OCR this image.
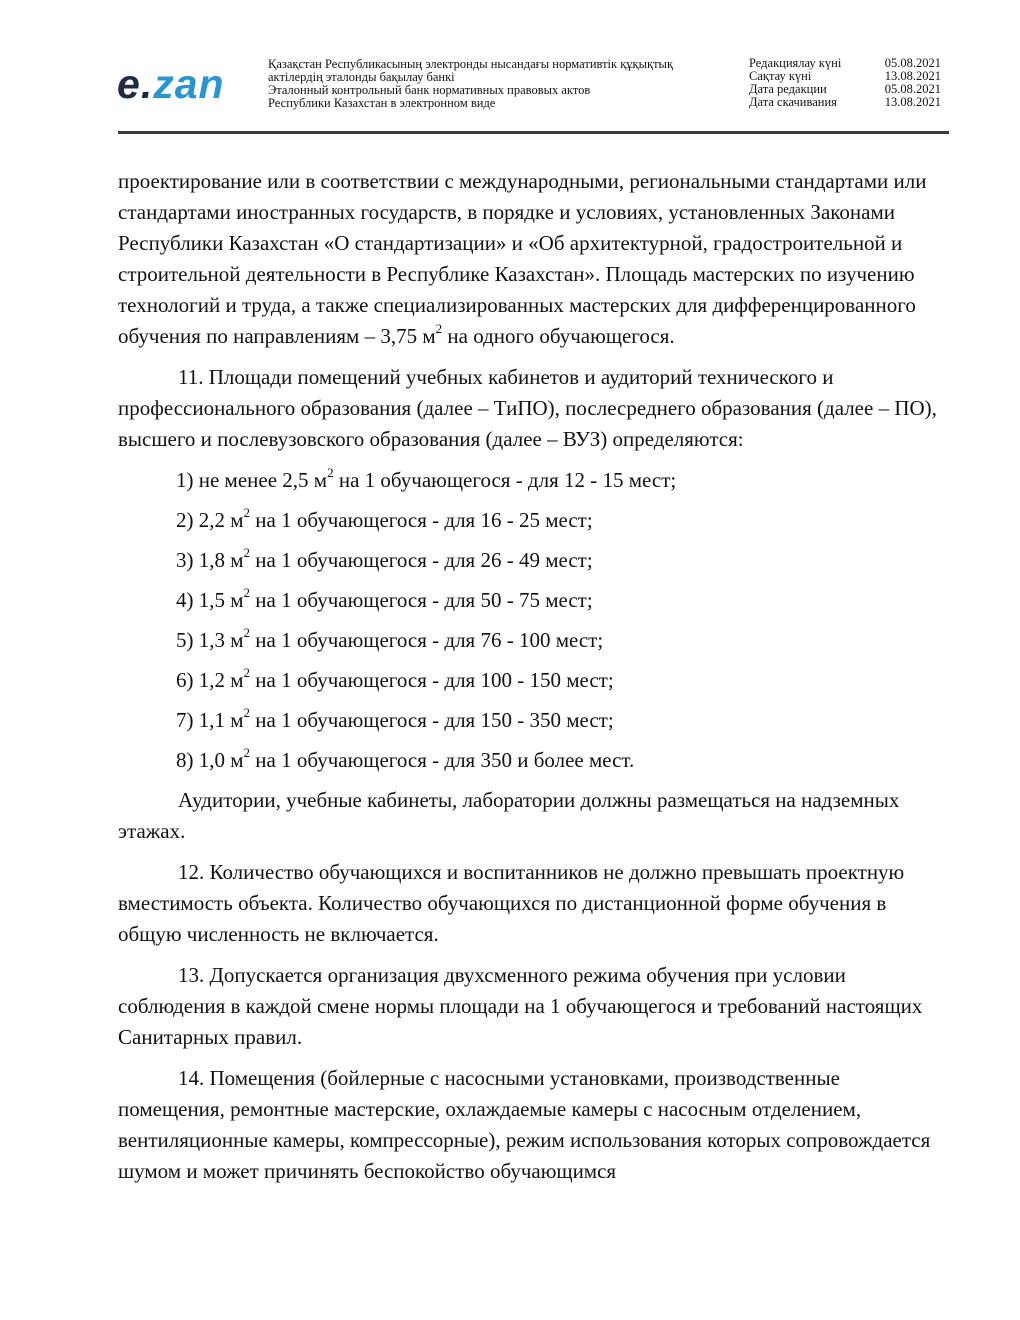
e.zan	Қазақстан Республикасының электронды нысандағы нормативтік құқықтық
актілердің эталонды бақылау банкі
Эталонный контрольный банк нормативных правовых актов
Республики Казахстан в электронном виде
Редакциялау күні	05.08.2021
Сақтау күні	13.08.2021
Дата редакции	05.08.2021
Дата скачивания	13.08.2021

проектирование или в соответствии с международными, региональными стандартами или стандартами иностранных государств, в порядке и условиях, установленных Законами Республики Казахстан «О стандартизации» и «Об архитектурной, градостроительной и строительной деятельности в Республике Казахстан». Площадь мастерских по изучению технологий и труда, а также специализированных мастерских для дифференцированного обучения по направлениям – 3,75 $м^2$ на одного обучающегося.

11. Площади помещений учебных кабинетов и аудиторий технического и профессионального образования (далее – ТиПО), послесреднего образования (далее – ПО), высшего и послевузовского образования (далее – ВУЗ) определяются:

1) не менее 2,5 $м^2$ на 1 обучающегося - для 12 - 15 мест;

2) 2,2 $м^2$ на 1 обучающегося - для 16 - 25 мест;

3) 1,8 $м^2$ на 1 обучающегося - для 26 - 49 мест;

4) 1,5 $м^2$ на 1 обучающегося - для 50 - 75 мест;

5) 1,3 $м^2$ на 1 обучающегося - для 76 - 100 мест;

6) 1,2 $м^2$ на 1 обучающегося - для 100 - 150 мест;

7) 1,1 $м^2$ на 1 обучающегося - для 150 - 350 мест;

8) 1,0 $м^2$ на 1 обучающегося - для 350 и более мест.

Аудитории, учебные кабинеты, лаборатории должны размещаться на надземных этажах.

12. Количество обучающихся и воспитанников не должно превышать проектную вместимость объекта. Количество обучающихся по дистанционной форме обучения в общую численность не включается.

13. Допускается организация двухсменного режима обучения при условии соблюдения в каждой смене нормы площади на 1 обучающегося и требований настоящих Санитарных правил.

14. Помещения (бойлерные с насосными установками, производственные помещения, ремонтные мастерские, охлаждаемые камеры с насосным отделением, вентиляционные камеры, компрессорные), режим использования которых сопровождается шумом и может причинять беспокойство обучающимся
